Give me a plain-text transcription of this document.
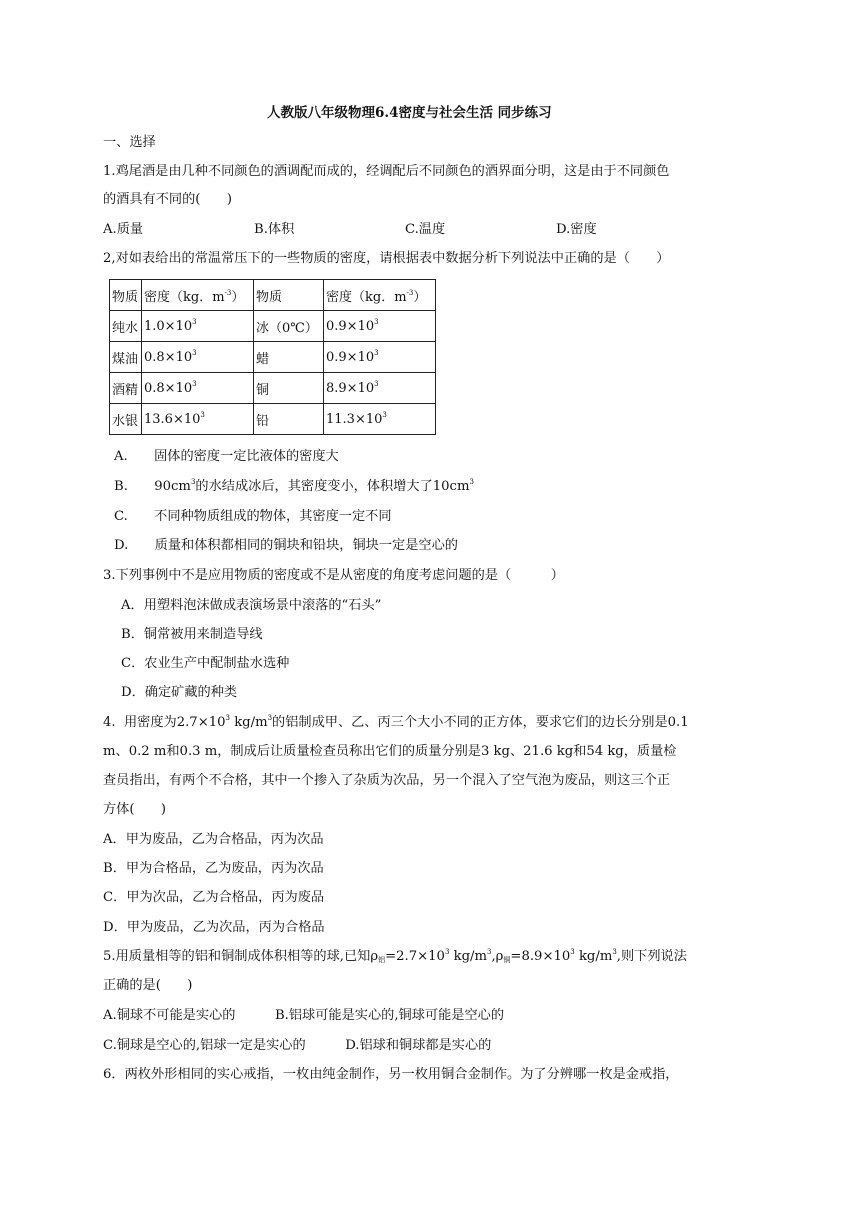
人教版八年级物理6.4密度与社会生活 同步练习
一、选择
1.鸡尾酒是由几种不同颜色的酒调配而成的，经调配后不同颜色的酒界面分明，这是由于不同颜色
的酒具有不同的(　　)
A.质量	B.体积	C.温度	D.密度
2,对如表给出的常温常压下的一些物质的密度，请根据表中数据分析下列说法中正确的是（　　）
物质	密度（kg．$m^{-3}$）	物质	密度（kg．$m^{-3}$）
纯水	$1.0\times 10^3$	冰（0℃）	$0.9\times 10^3$
煤油	$0.8\times 10^3$	蜡	$0.9\times 10^3$
酒精	$0.8\times 10^3$	铜	$8.9\times 10^3$
水银	$13.6\times 10^3$	铅	$11.3\times 10^3$
A.　　固体的密度一定比液体的密度大
B.　　$90cm^3$的水结成冰后，其密度变小，体积增大了$10cm^3$
C.　　不同种物质组成的物体，其密度一定不同
D.　　质量和体积都相同的铜块和铅块，铜块一定是空心的
3.下列事例中不是应用物质的密度或不是从密度的角度考虑问题的是（　　　）
A．用塑料泡沫做成表演场景中滚落的“石头”
B．铜常被用来制造导线
C．农业生产中配制盐水选种
D．确定矿藏的种类
4.  用密度为$2.7\times 10^3$ $kg/m^3$的铝制成甲、乙、丙三个大小不同的正方体，要求它们的边长分别是0.1
m、0.2 m和0.3 m，制成后让质量检查员称出它们的质量分别是3 kg、21.6 kg和54 kg，质量检
查员指出，有两个不合格，其中一个掺入了杂质为次品，另一个混入了空气泡为废品，则这三个正
方体(　　)
A．甲为废品，乙为合格品，丙为次品
B．甲为合格品，乙为废品，丙为次品
C．甲为次品，乙为合格品，丙为废品
D．甲为废品，乙为次品，丙为合格品
5.用质量相等的铝和铜制成体积相等的球,已知$\rho_铝=2.7\times 10^3$ $kg/m^3,\rho_铜=8.9\times 10^3$ $kg/m^3$,则下列说法
正确的是(　　)
A.铜球不可能是实心的　　　B.铝球可能是实心的,铜球可能是空心的
C.铜球是空心的,铝球一定是实心的　　　D.铝球和铜球都是实心的
6．两枚外形相同的实心戒指，一枚由纯金制作，另一枚用铜合金制作。为了分辨哪一枚是金戒指，
